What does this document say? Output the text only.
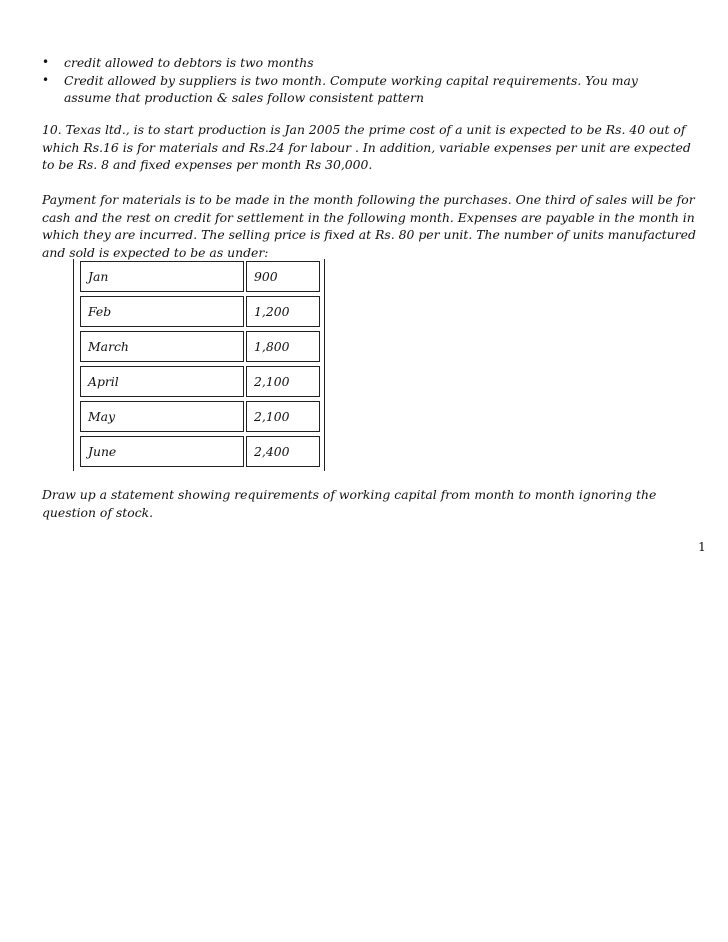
• credit allowed to debtors is two months
• Credit allowed by suppliers is two month. Compute working capital requirements. You may assume that production & sales follow consistent pattern

10. Texas ltd., is to start production is Jan 2005 the prime cost of a unit is expected to be Rs. 40 out of which Rs.16 is for materials and Rs.24 for labour . In addition, variable expenses per unit are expected to be Rs. 8 and fixed expenses per month Rs 30,000.

Payment for materials is to be made in the month following the purchases. One third of sales will be for cash and the rest on credit for settlement in the following month. Expenses are payable in the month in which they are incurred. The selling price is fixed at Rs. 80 per unit. The number of units manufactured and sold is expected to be as under:

Jan	900
Feb	1,200
March	1,800
April	2,100
May	2,100
June	2,400

Draw up a statement showing requirements of working capital from month to month ignoring the question of stock.

1
